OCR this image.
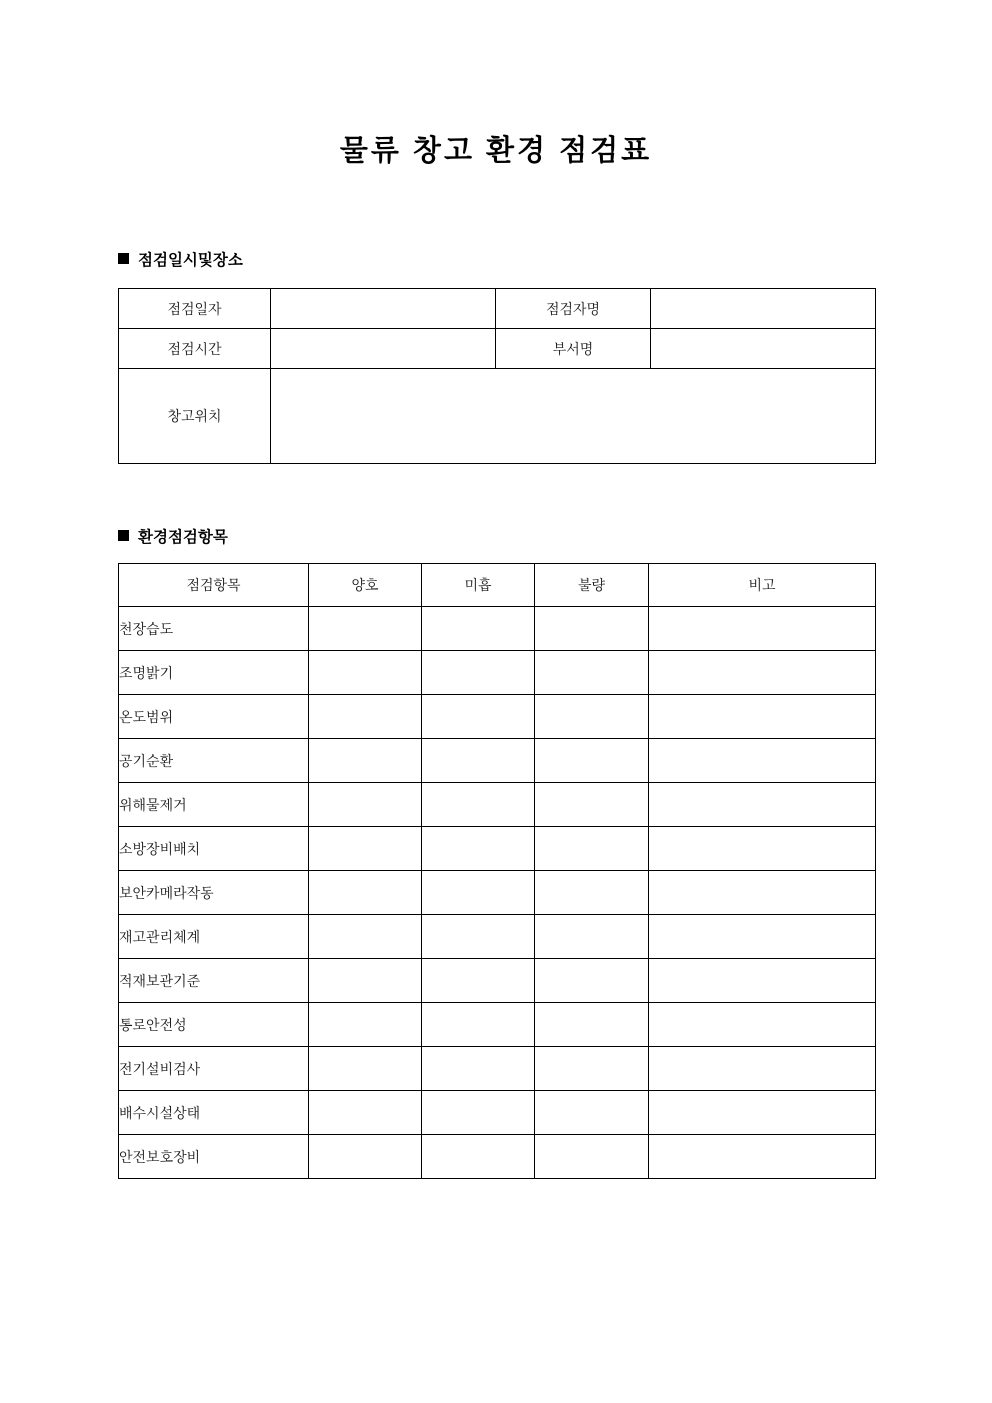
물류 창고 환경 점검표
점검일시및장소
점검일자		점검자명	
점검시간		부서명	
창고위치			
환경점검항목
점검항목	양호	미흡	불량	비고
천장습도				
조명밝기				
온도범위				
공기순환				
위해물제거				
소방장비배치				
보안카메라작동				
재고관리체계				
적재보관기준				
통로안전성				
전기설비검사				
배수시설상태				
안전보호장비				
